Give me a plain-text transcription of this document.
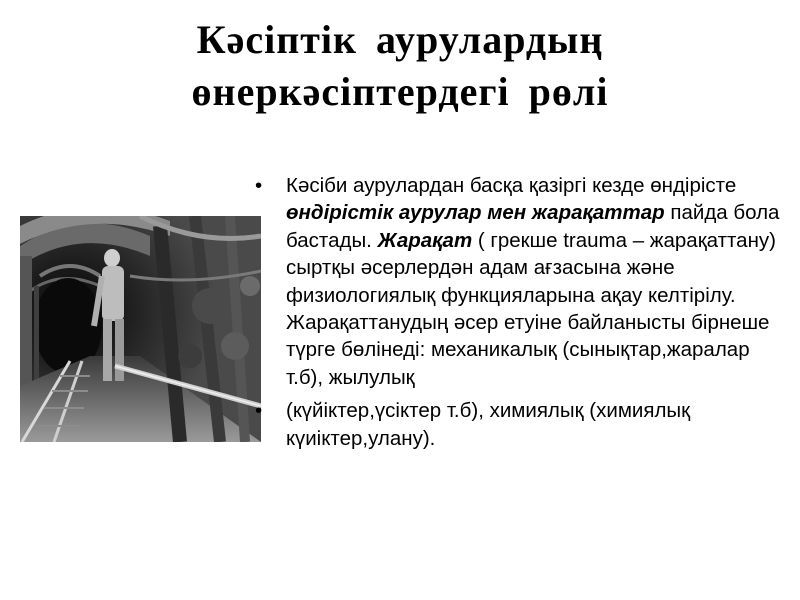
Кәсіптік аурулардың
өнеркәсіптердегі рөлі
• Кәсіби аурулардан басқа қазіргі кезде өндірісте өндірістік аурулар мен жарақаттар пайда бола бастады. Жарақат ( грекше trauma – жарақаттану) сыртқы әсерлердән адам ағзасына және физиологиялық функцияларына ақау келтірілу. Жарақаттанудың әсер етуіне байланысты бірнеше түрге бөлінеді: механикалық (сынықтар,жаралар т.б), жылулық
• (күйіктер,үсіктер т.б), химиялық (химиялық күиіктер,улану).
